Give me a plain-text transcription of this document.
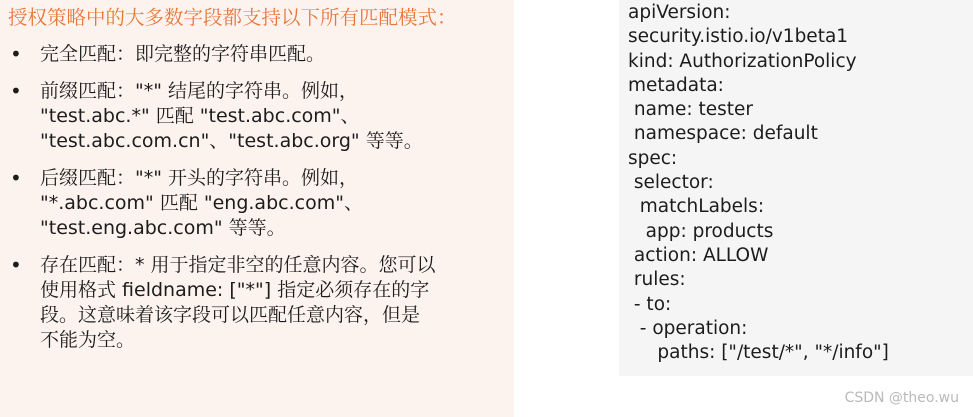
授权策略中的大多数字段都支持以下所有匹配模式：
• 完全匹配：即完整的字符串匹配。
• 前缀匹配："*" 结尾的字符串。例如，
"test.abc.*" 匹配 "test.abc.com"、
"test.abc.com.cn"、"test.abc.org" 等等。
• 后缀匹配："*" 开头的字符串。例如，
"*.abc.com" 匹配 "eng.abc.com"、
"test.eng.abc.com" 等等。
• 存在匹配：* 用于指定非空的任意内容。您可以
使用格式 fieldname: ["*"] 指定必须存在的字
段。这意味着该字段可以匹配任意内容，但是
不能为空。
apiVersion:
security.istio.io/v1beta1
kind: AuthorizationPolicy
metadata:
name: tester
namespace: default
spec:
selector:
matchLabels:
app: products
action: ALLOW
rules:
- to:
- operation:
paths: ["/test/*", "*/info"]
CSDN @theo.wu
